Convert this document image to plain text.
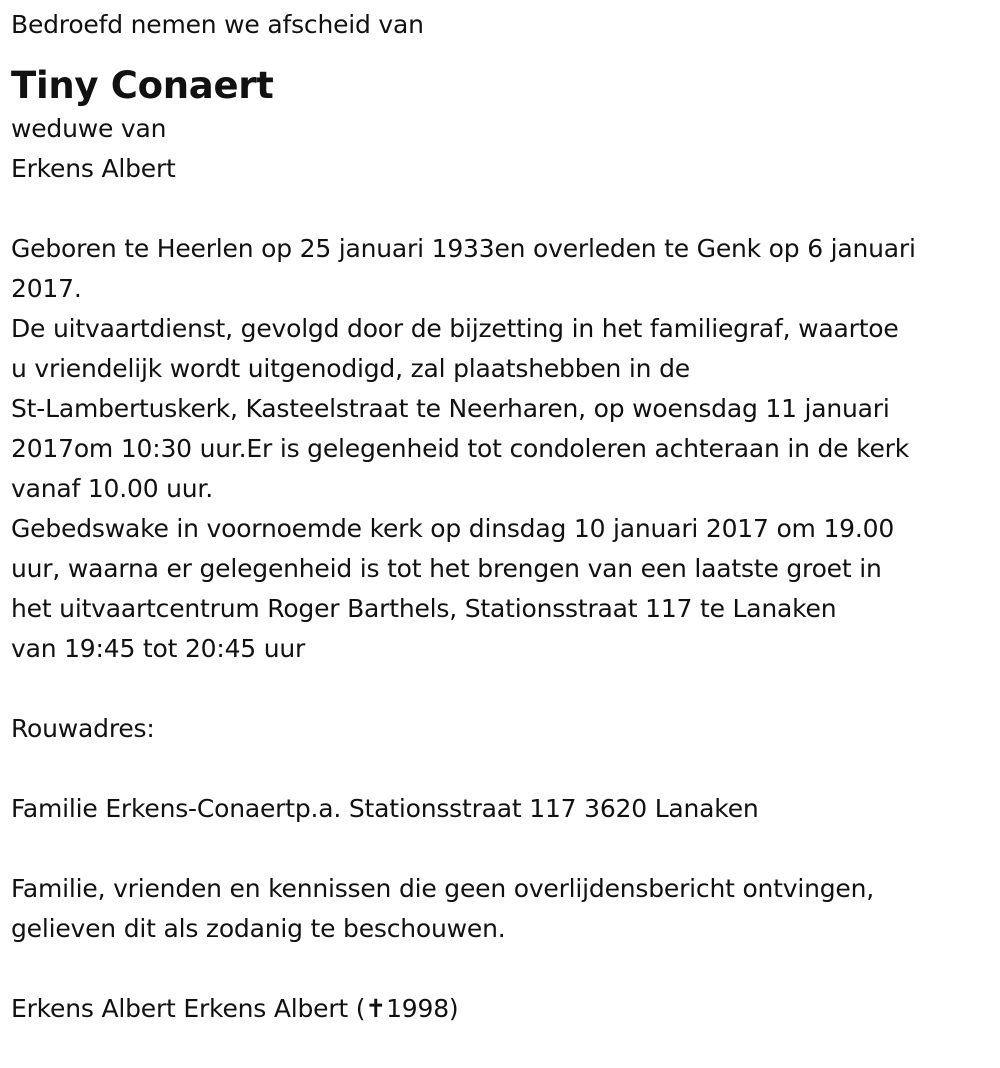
Bedroefd nemen we afscheid van
Tiny Conaert
weduwe van
Erkens Albert
Geboren te Heerlen op 25 januari 1933en overleden te Genk op 6 januari
2017.
De uitvaartdienst, gevolgd door de bijzetting in het familiegraf, waartoe
u vriendelijk wordt uitgenodigd, zal plaatshebben in de
St-Lambertuskerk, Kasteelstraat te Neerharen, op woensdag 11 januari
2017om 10:30 uur.Er is gelegenheid tot condoleren achteraan in de kerk
vanaf 10.00 uur.
Gebedswake in voornoemde kerk op dinsdag 10 januari 2017 om 19.00
uur, waarna er gelegenheid is tot het brengen van een laatste groet in
het uitvaartcentrum Roger Barthels, Stationsstraat 117 te Lanaken
van 19:45 tot 20:45 uur
Rouwadres:
Familie Erkens-Conaertp.a. Stationsstraat 117 3620 Lanaken
Familie, vrienden en kennissen die geen overlijdensbericht ontvingen,
gelieven dit als zodanig te beschouwen.
Erkens Albert Erkens Albert (✝1998)
